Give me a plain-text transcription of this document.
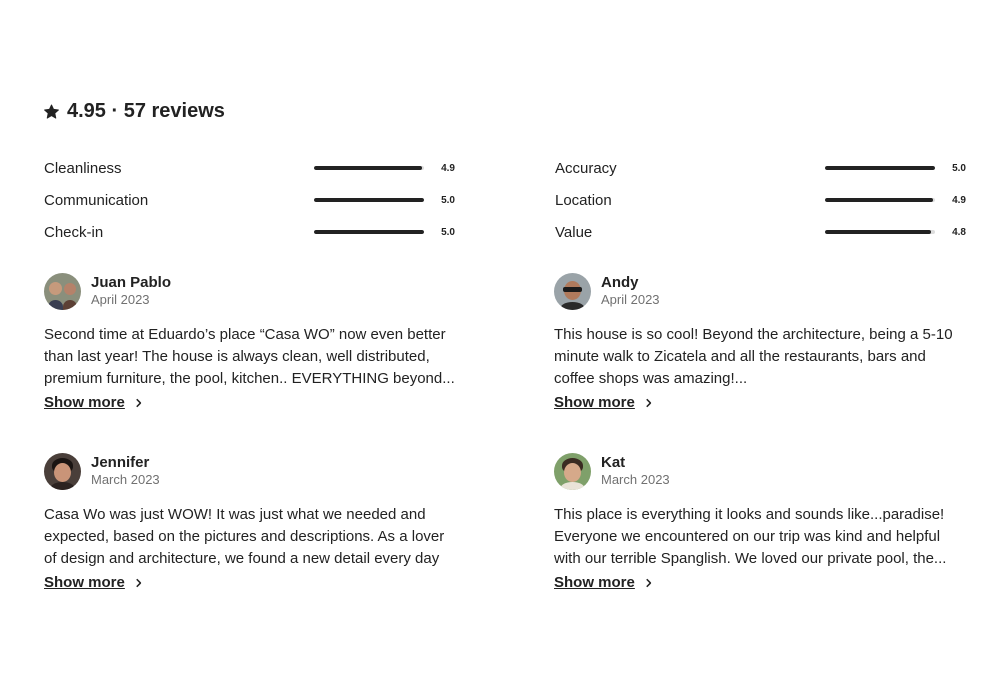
4.95 · 57 reviews
Cleanliness	4.9	Accuracy	5.0
Communication	5.0	Location	4.9
Check-in	5.0	Value	4.8
Juan Pablo
April 2023
Second time at Eduardo’s place “Casa WO” now even better than last year! The house is always clean, well distributed, premium furniture, the pool, kitchen.. EVERYTHING beyond...
Show more
Andy
April 2023
This house is so cool! Beyond the architecture, being a 5-10 minute walk to Zicatela and all the restaurants, bars and coffee shops was amazing!...
Show more
Jennifer
March 2023
Casa Wo was just WOW! It was just what we needed and expected, based on the pictures and descriptions. As a lover of design and architecture, we found a new detail every day
Show more
Kat
March 2023
This place is everything it looks and sounds like...paradise! Everyone we encountered on our trip was kind and helpful with our terrible Spanglish. We loved our private pool, the...
Show more
